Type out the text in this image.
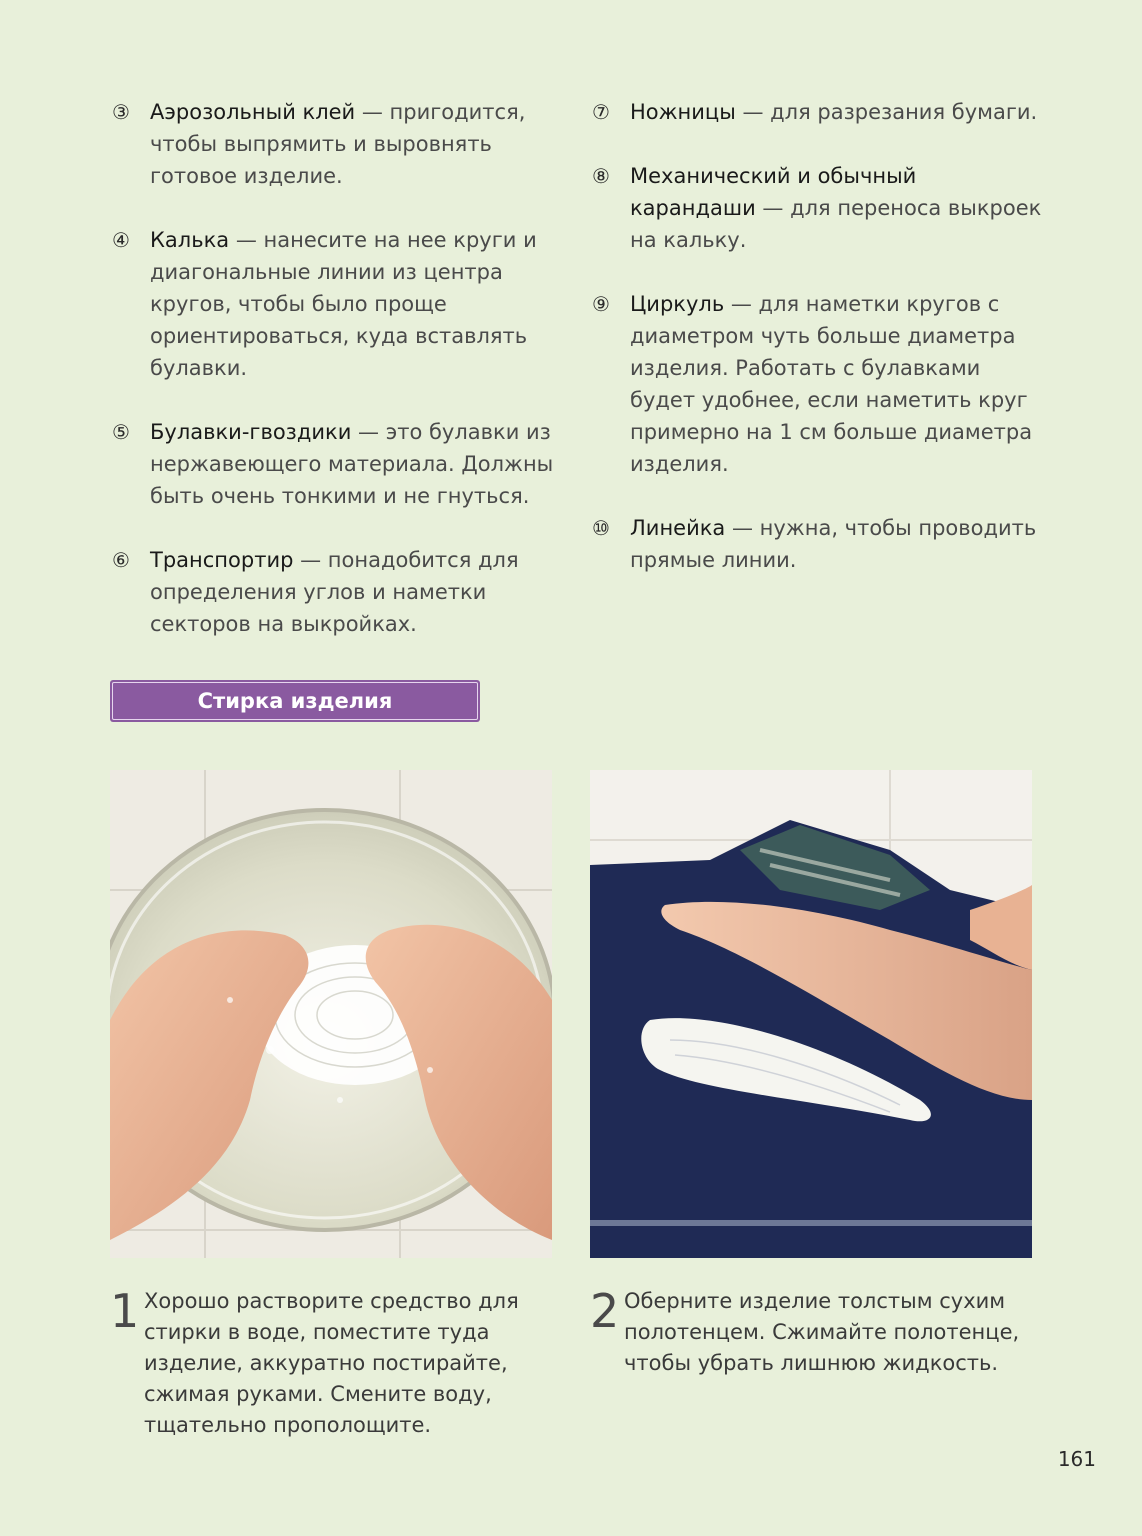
③ Аэрозольный клей — пригодится, чтобы выпрямить и выровнять готовое изделие.
④ Калька — нанесите на нее круги и диагональные линии из центра кругов, чтобы было проще ориентироваться, куда вставлять булавки.
⑤ Булавки-гвоздики — это булавки из нержавеющего материала. Должны быть очень тонкими и не гнуться.
⑥ Транспортир — понадобится для определения углов и наметки секторов на выкройках.
⑦ Ножницы — для разрезания бумаги.
⑧ Механический и обычный карандаши — для переноса выкроек на кальку.
⑨ Циркуль — для наметки кругов с диаметром чуть больше диаметра изделия. Работать с булавками будет удобнее, если наметить круг примерно на 1 см больше диаметра изделия.
⑩ Линейка — нужна, чтобы проводить прямые линии.
Стирка изделия
1 Хорошо растворите средство для стирки в воде, поместите туда изделие, аккуратно постирайте, сжимая руками. Смените воду, тщательно прополощите.
2 Оберните изделие толстым сухим полотенцем. Сжимайте полотенце, чтобы убрать лишнюю жидкость.
161
